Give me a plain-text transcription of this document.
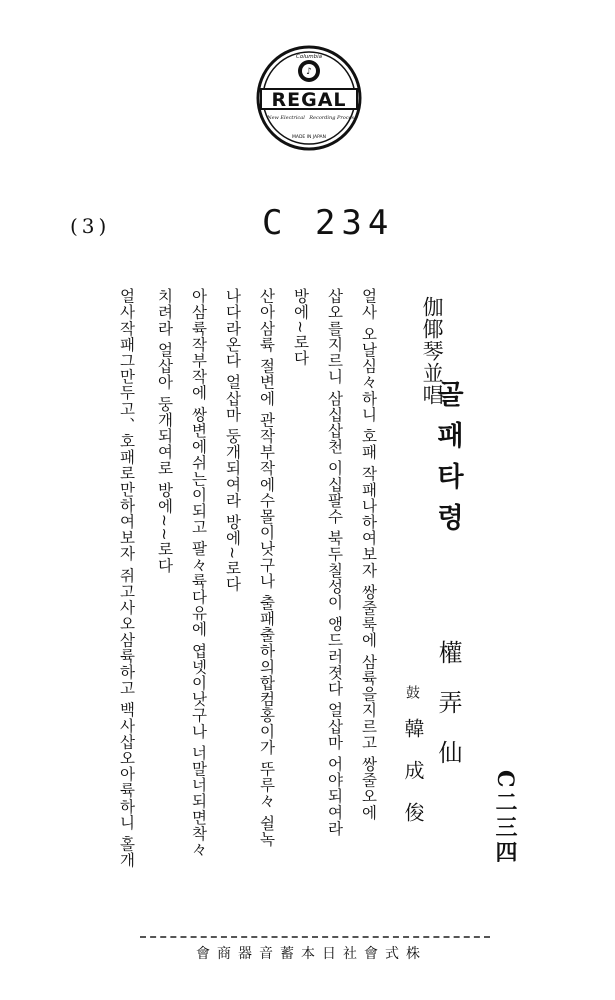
♪
Columbia
REGAL
New Electrical Recording Process
MADE IN JAPAN
(3)	C 234
伽倻琴並唱
골패타령
權弄仙
鼓
韓成俊	C二三四
얼사 오날심々하니 호패 작패나하여보자 쌍줄룩에 삼륙을지르고 쌍줄오에
삽오를지르니 삼십삽천 이십팔수 북두칠성이 앵드러졋다 얼삽마 어야되여라
방에~로다
산아삼륙 절변에 관작부작에수몰이낫구나 출패출하의합컴홍이가 뚜루々 쉴녹
나다라온다 얼삽마 둥개되여라 방에~로다
아삼륙작부작에 쌍변에쉬는이되고 팔々륙다유에 엽넷이낫구나 너말너되면착々
치려라 얼삽아 둥개되여로 방에~~로다
얼사작패그만두고、호패로만하여보자 쥐고사오삼륙하고 백사삽오아륙하니 홀개
會商器音蓄本日社會式株
